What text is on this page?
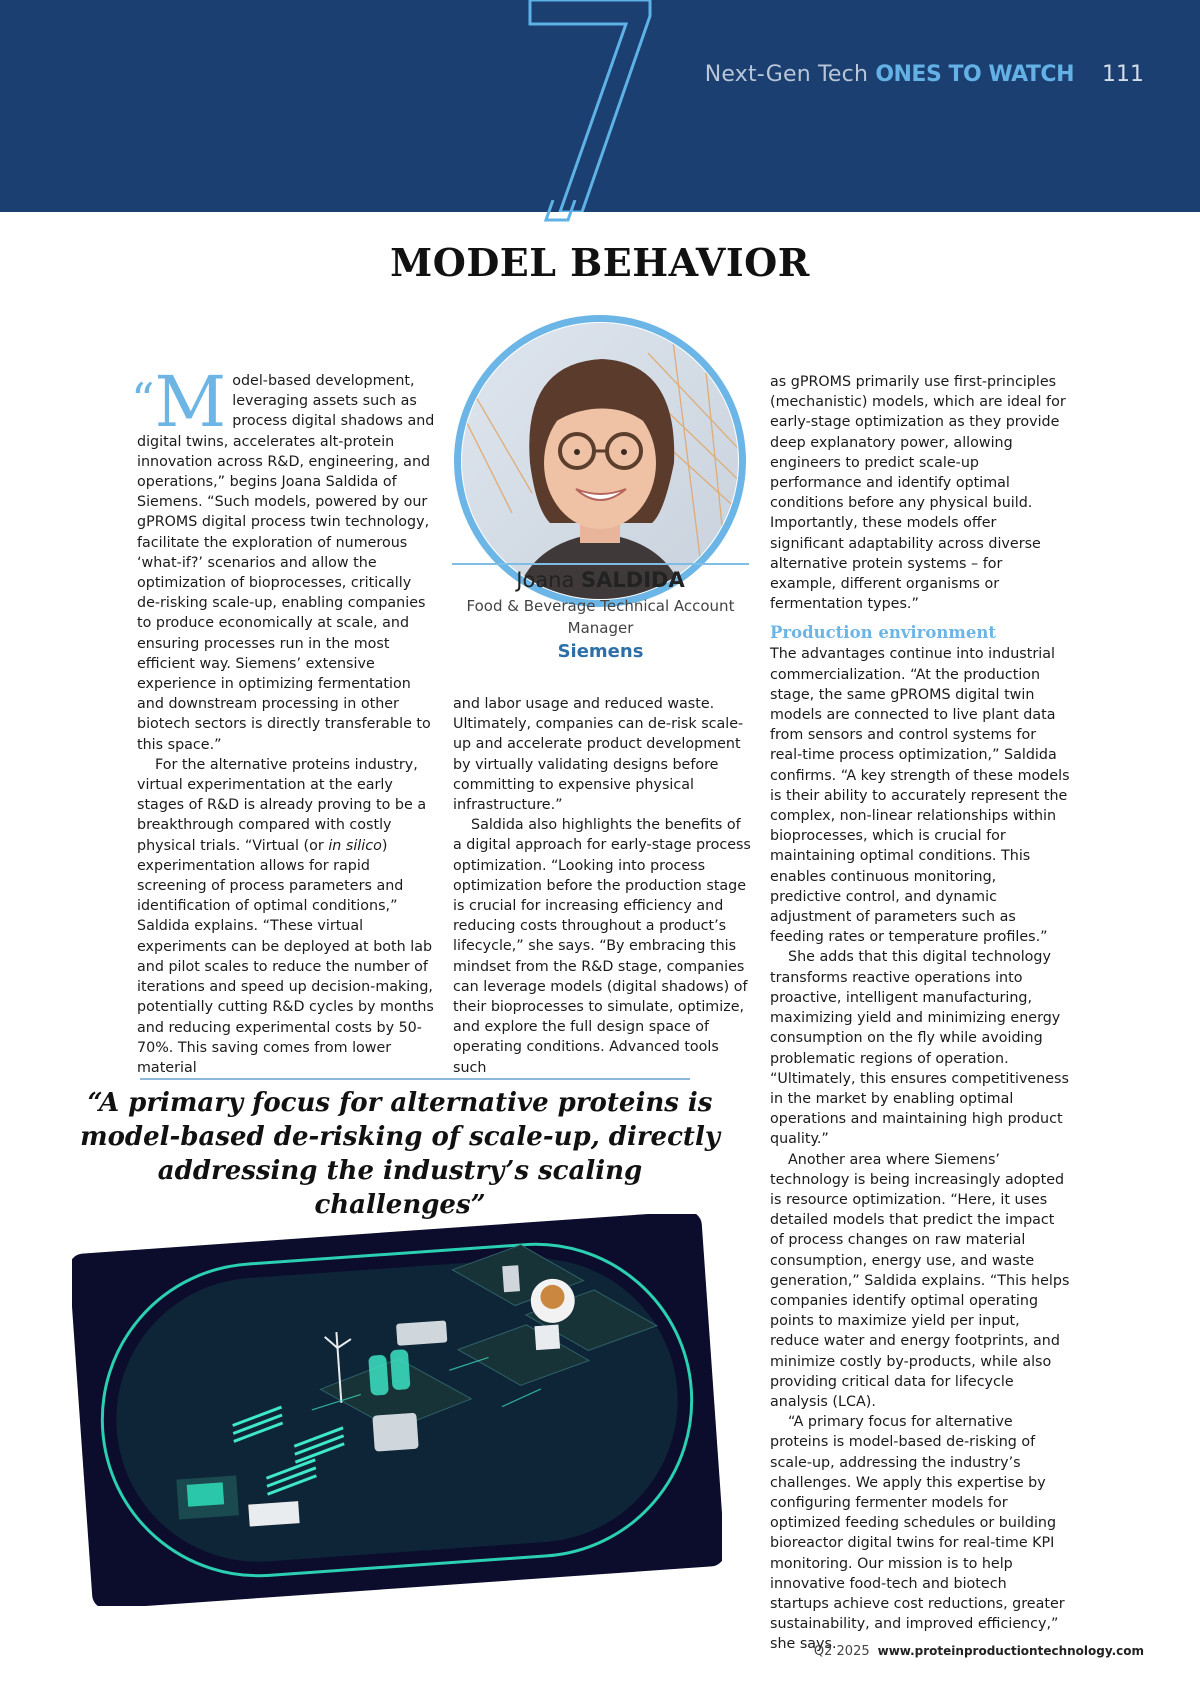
Next-Gen Tech ONES TO WATCH 111
MODEL BEHAVIOR

“M odel-based development, leveraging assets such as process digital shadows and digital twins, accelerates alt-protein innovation across R&D, engineering, and operations,” begins Joana Saldida of Siemens. “Such models, powered by our gPROMS digital process twin technology, facilitate the exploration of numerous ‘what-if?’ scenarios and allow the optimization of bioprocesses, critically de-risking scale-up, enabling companies to produce economically at scale, and ensuring processes run in the most efficient way. Siemens’ extensive experience in optimizing fermentation and downstream processing in other biotech sectors is directly transferable to this space.”

For the alternative proteins industry, virtual experimentation at the early stages of R&D is already proving to be a breakthrough compared with costly physical trials. “Virtual (or in silico) experimentation allows for rapid screening of process parameters and identification of optimal conditions,” Saldida explains. “These virtual experiments can be deployed at both lab and pilot scales to reduce the number of iterations and speed up decision-making, potentially cutting R&D cycles by months and reducing experimental costs by 50-70%. This saving comes from lower material

Joana SALDIDA
Food & Beverage Technical Account Manager
Siemens

and labor usage and reduced waste. Ultimately, companies can de-risk scale-up and accelerate product development by virtually validating designs before committing to expensive physical infrastructure.”

Saldida also highlights the benefits of a digital approach for early-stage process optimization. “Looking into process optimization before the production stage is crucial for increasing efficiency and reducing costs throughout a product’s lifecycle,” she says. “By embracing this mindset from the R&D stage, companies can leverage models (digital shadows) of their bioprocesses to simulate, optimize, and explore the full design space of operating conditions. Advanced tools such

as gPROMS primarily use first-principles (mechanistic) models, which are ideal for early-stage optimization as they provide deep explanatory power, allowing engineers to predict scale-up performance and identify optimal conditions before any physical build. Importantly, these models offer significant adaptability across diverse alternative protein systems – for example, different organisms or fermentation types.”

Production environment

The advantages continue into industrial commercialization. “At the production stage, the same gPROMS digital twin models are connected to live plant data from sensors and control systems for real-time process optimization,” Saldida confirms. “A key strength of these models is their ability to accurately represent the complex, non-linear relationships within bioprocesses, which is crucial for maintaining optimal conditions. This enables continuous monitoring, predictive control, and dynamic adjustment of parameters such as feeding rates or temperature profiles.”

She adds that this digital technology transforms reactive operations into proactive, intelligent manufacturing, maximizing yield and minimizing energy consumption on the fly while avoiding problematic regions of operation. “Ultimately, this ensures competitiveness in the market by enabling optimal operations and maintaining high product quality.”

Another area where Siemens’ technology is being increasingly adopted is resource optimization. “Here, it uses detailed models that predict the impact of process changes on raw material consumption, energy use, and waste generation,” Saldida explains. “This helps companies identify optimal operating points to maximize yield per input, reduce water and energy footprints, and minimize costly by-products, while also providing critical data for lifecycle analysis (LCA).

“A primary focus for alternative proteins is model-based de-risking of scale-up, addressing the industry’s challenges. We apply this expertise by configuring fermenter models for optimized feeding schedules or building bioreactor digital twins for real-time KPI monitoring. Our mission is to help innovative food-tech and biotech startups achieve cost reductions, greater sustainability, and improved efficiency,” she says.

“A primary focus for alternative proteins is model-based de-risking of scale-up, directly addressing the industry’s scaling challenges”
Q2 2025 www.proteinproductiontechnology.com
